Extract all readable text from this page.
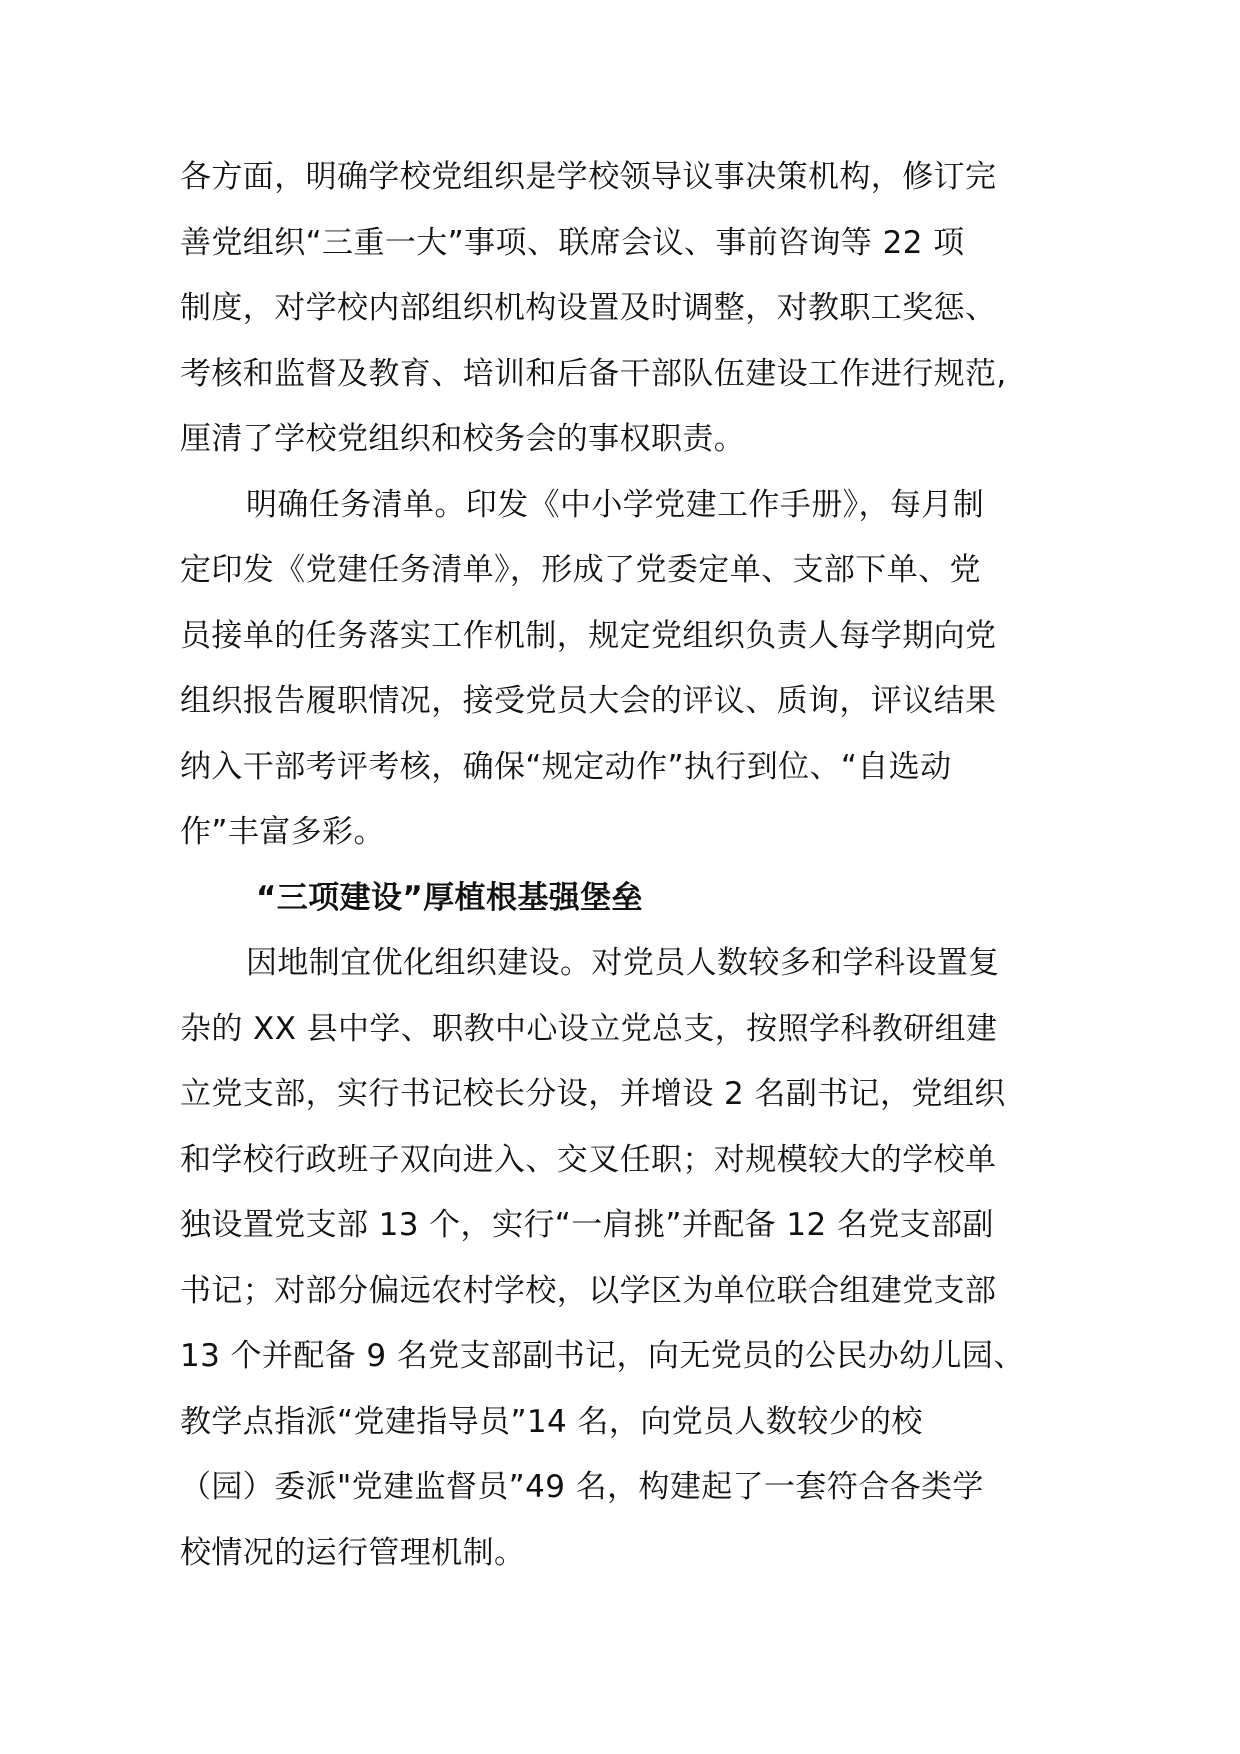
各方面，明确学校党组织是学校领导议事决策机构，修订完
善党组织“三重一大”事项、联席会议、事前咨询等 22 项
制度，对学校内部组织机构设置及时调整，对教职工奖惩、
考核和监督及教育、培训和后备干部队伍建设工作进行规范,
厘清了学校党组织和校务会的事权职责。
明确任务清单。印发《中小学党建工作手册》，每月制
定印发《党建任务清单》，形成了党委定单、支部下单、党
员接单的任务落实工作机制，规定党组织负责人每学期向党
组织报告履职情况，接受党员大会的评议、质询，评议结果
纳入干部考评考核，确保“规定动作”执行到位、“自选动
作”丰富多彩。
“三项建设”厚植根基强堡垒
因地制宜优化组织建设。对党员人数较多和学科设置复
杂的 XX 县中学、职教中心设立党总支，按照学科教研组建
立党支部，实行书记校长分设，并增设 2 名副书记，党组织
和学校行政班子双向进入、交叉任职；对规模较大的学校单
独设置党支部 13 个，实行“一肩挑”并配备 12 名党支部副
书记；对部分偏远农村学校，以学区为单位联合组建党支部
13 个并配备 9 名党支部副书记，向无党员的公民办幼儿园、
教学点指派“党建指导员”14 名，向党员人数较少的校
（园）委派"党建监督员”49 名，构建起了一套符合各类学
校情况的运行管理机制。
